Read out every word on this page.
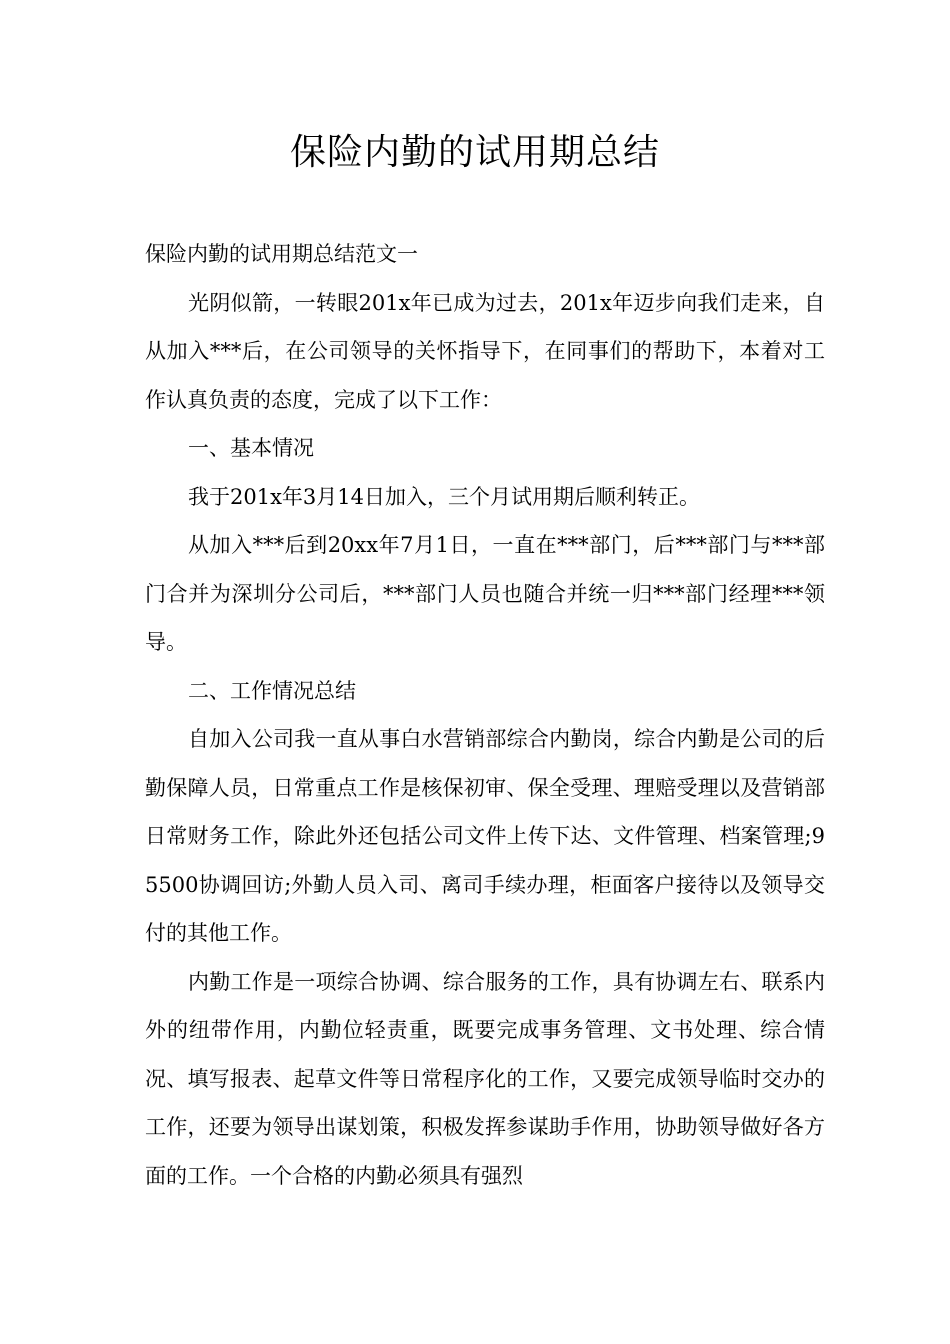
保险内勤的试用期总结

保险内勤的试用期总结范文一

光阴似箭，一转眼201x年已成为过去，201x年迈步向我们走来，自从加入***后，在公司领导的关怀指导下，在同事们的帮助下，本着对工作认真负责的态度，完成了以下工作：

一、基本情况

我于201x年3月14日加入，三个月试用期后顺利转正。

从加入***后到20xx年7月1日，一直在***部门，后***部门与***部门合并为深圳分公司后，***部门人员也随合并统一归***部门经理***领导。

二、工作情况总结

自加入公司我一直从事白水营销部综合内勤岗，综合内勤是公司的后勤保障人员，日常重点工作是核保初审、保全受理、理赔受理以及营销部日常财务工作，除此外还包括公司文件上传下达、文件管理、档案管理;95500协调回访;外勤人员入司、离司手续办理，柜面客户接待以及领导交付的其他工作。

内勤工作是一项综合协调、综合服务的工作，具有协调左右、联系内外的纽带作用，内勤位轻责重，既要完成事务管理、文书处理、综合情况、填写报表、起草文件等日常程序化的工作，又要完成领导临时交办的工作，还要为领导出谋划策，积极发挥参谋助手作用，协助领导做好各方面的工作。一个合格的内勤必须具有强烈
